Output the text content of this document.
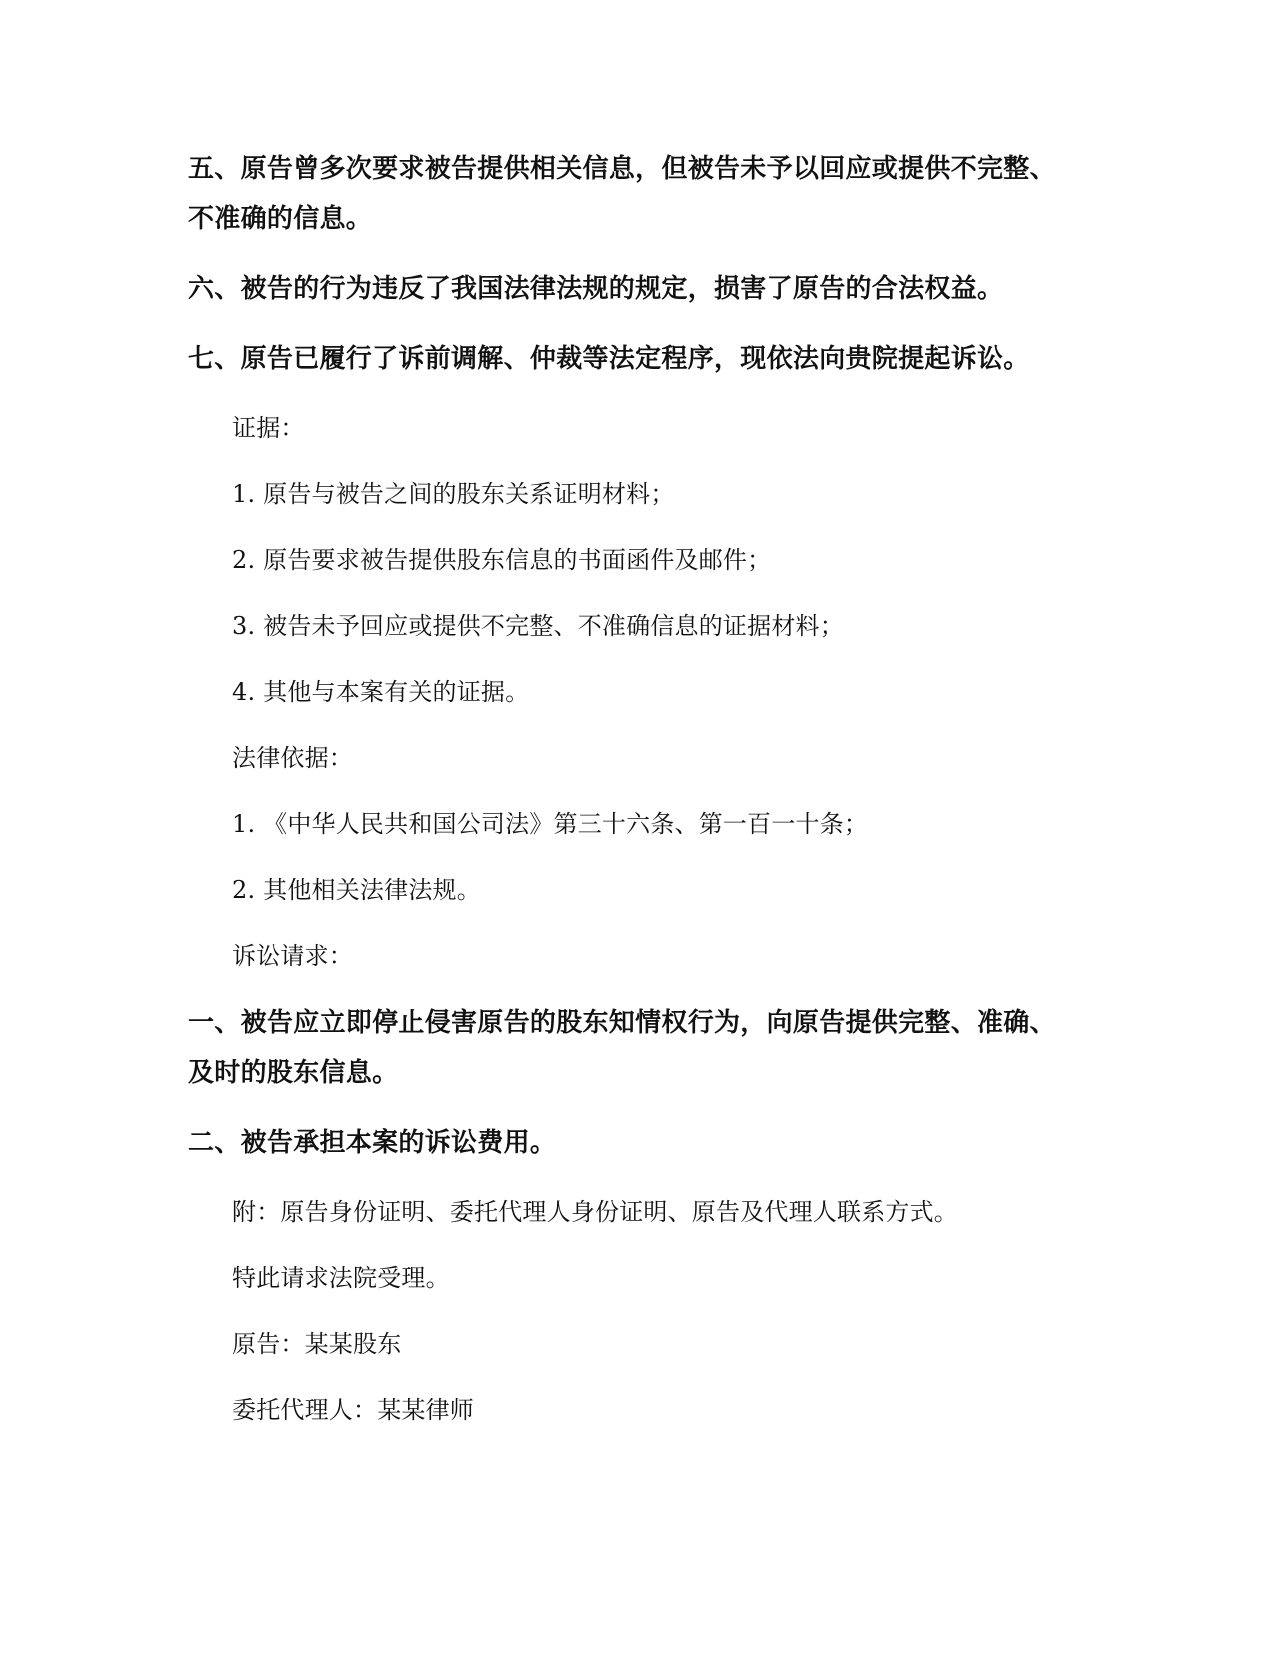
五、原告曾多次要求被告提供相关信息，但被告未予以回应或提供不完整、
不准确的信息。
六、被告的行为违反了我国法律法规的规定，损害了原告的合法权益。
七、原告已履行了诉前调解、仲裁等法定程序，现依法向贵院提起诉讼。
证据：
1. 原告与被告之间的股东关系证明材料；
2. 原告要求被告提供股东信息的书面函件及邮件；
3. 被告未予回应或提供不完整、不准确信息的证据材料；
4. 其他与本案有关的证据。
法律依据：
1. 《中华人民共和国公司法》第三十六条、第一百一十条；
2. 其他相关法律法规。
诉讼请求：
一、被告应立即停止侵害原告的股东知情权行为，向原告提供完整、准确、
及时的股东信息。
二、被告承担本案的诉讼费用。
附：原告身份证明、委托代理人身份证明、原告及代理人联系方式。
特此请求法院受理。
原告：某某股东
委托代理人：某某律师
